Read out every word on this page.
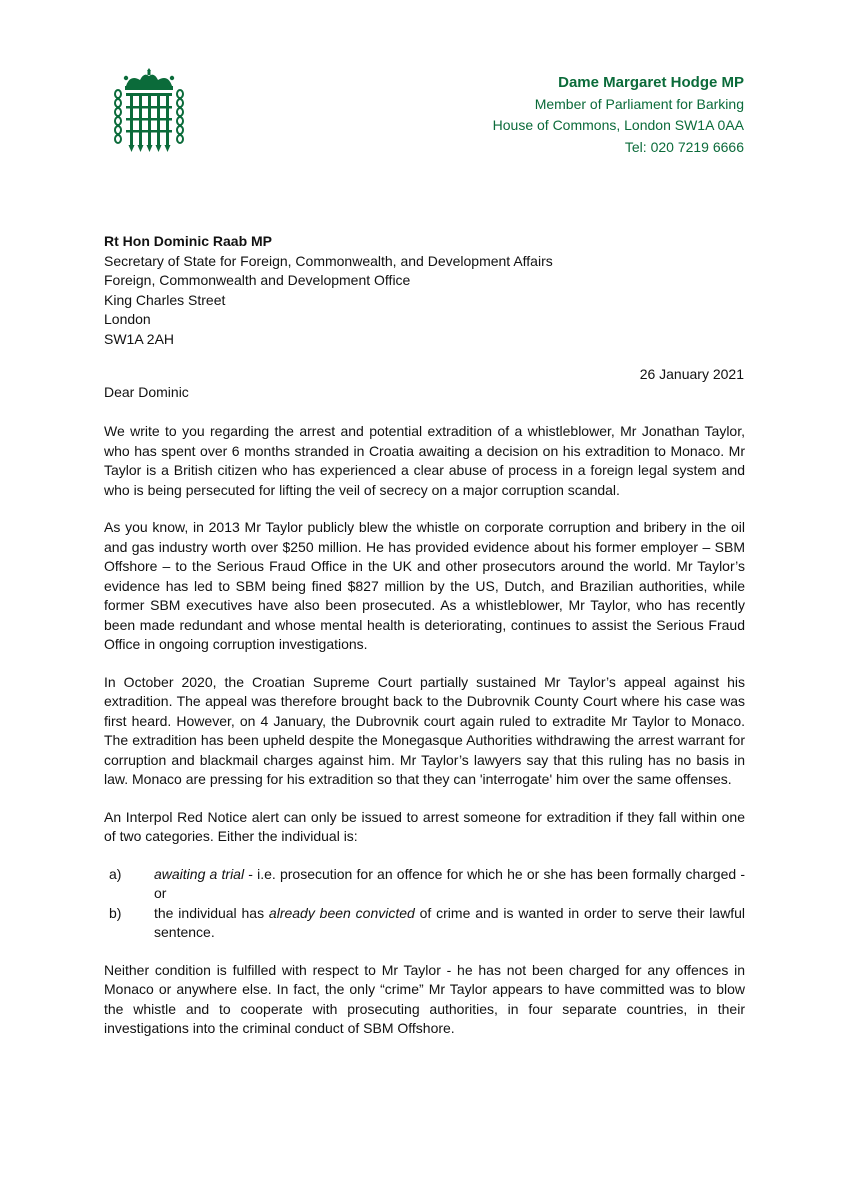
Dame Margaret Hodge MP
Member of Parliament for Barking
House of Commons, London SW1A 0AA
Tel: 020 7219 6666
Rt Hon Dominic Raab MP
Secretary of State for Foreign, Commonwealth, and Development Affairs
Foreign, Commonwealth and Development Office
King Charles Street
London
SW1A 2AH
26 January 2021
Dear Dominic

We write to you regarding the arrest and potential extradition of a whistleblower, Mr Jonathan Taylor, who has spent over 6 months stranded in Croatia awaiting a decision on his extradition to Monaco. Mr Taylor is a British citizen who has experienced a clear abuse of process in a foreign legal system and who is being persecuted for lifting the veil of secrecy on a major corruption scandal.

As you know, in 2013 Mr Taylor publicly blew the whistle on corporate corruption and bribery in the oil and gas industry worth over $250 million. He has provided evidence about his former employer – SBM Offshore – to the Serious Fraud Office in the UK and other prosecutors around the world. Mr Taylor’s evidence has led to SBM being fined $827 million by the US, Dutch, and Brazilian authorities, while former SBM executives have also been prosecuted. As a whistleblower, Mr Taylor, who has recently been made redundant and whose mental health is deteriorating, continues to assist the Serious Fraud Office in ongoing corruption investigations.

In October 2020, the Croatian Supreme Court partially sustained Mr Taylor’s appeal against his extradition. The appeal was therefore brought back to the Dubrovnik County Court where his case was first heard. However, on 4 January, the Dubrovnik court again ruled to extradite Mr Taylor to Monaco. The extradition has been upheld despite the Monegasque Authorities withdrawing the arrest warrant for corruption and blackmail charges against him. Mr Taylor’s lawyers say that this ruling has no basis in law. Monaco are pressing for his extradition so that they can 'interrogate' him over the same offenses.

An Interpol Red Notice alert can only be issued to arrest someone for extradition if they fall within one of two categories. Either the individual is:

a) awaiting a trial - i.e. prosecution for an offence for which he or she has been formally charged - or
b) the individual has already been convicted of crime and is wanted in order to serve their lawful sentence.

Neither condition is fulfilled with respect to Mr Taylor - he has not been charged for any offences in Monaco or anywhere else. In fact, the only “crime” Mr Taylor appears to have committed was to blow the whistle and to cooperate with prosecuting authorities, in four separate countries, in their investigations into the criminal conduct of SBM Offshore.
